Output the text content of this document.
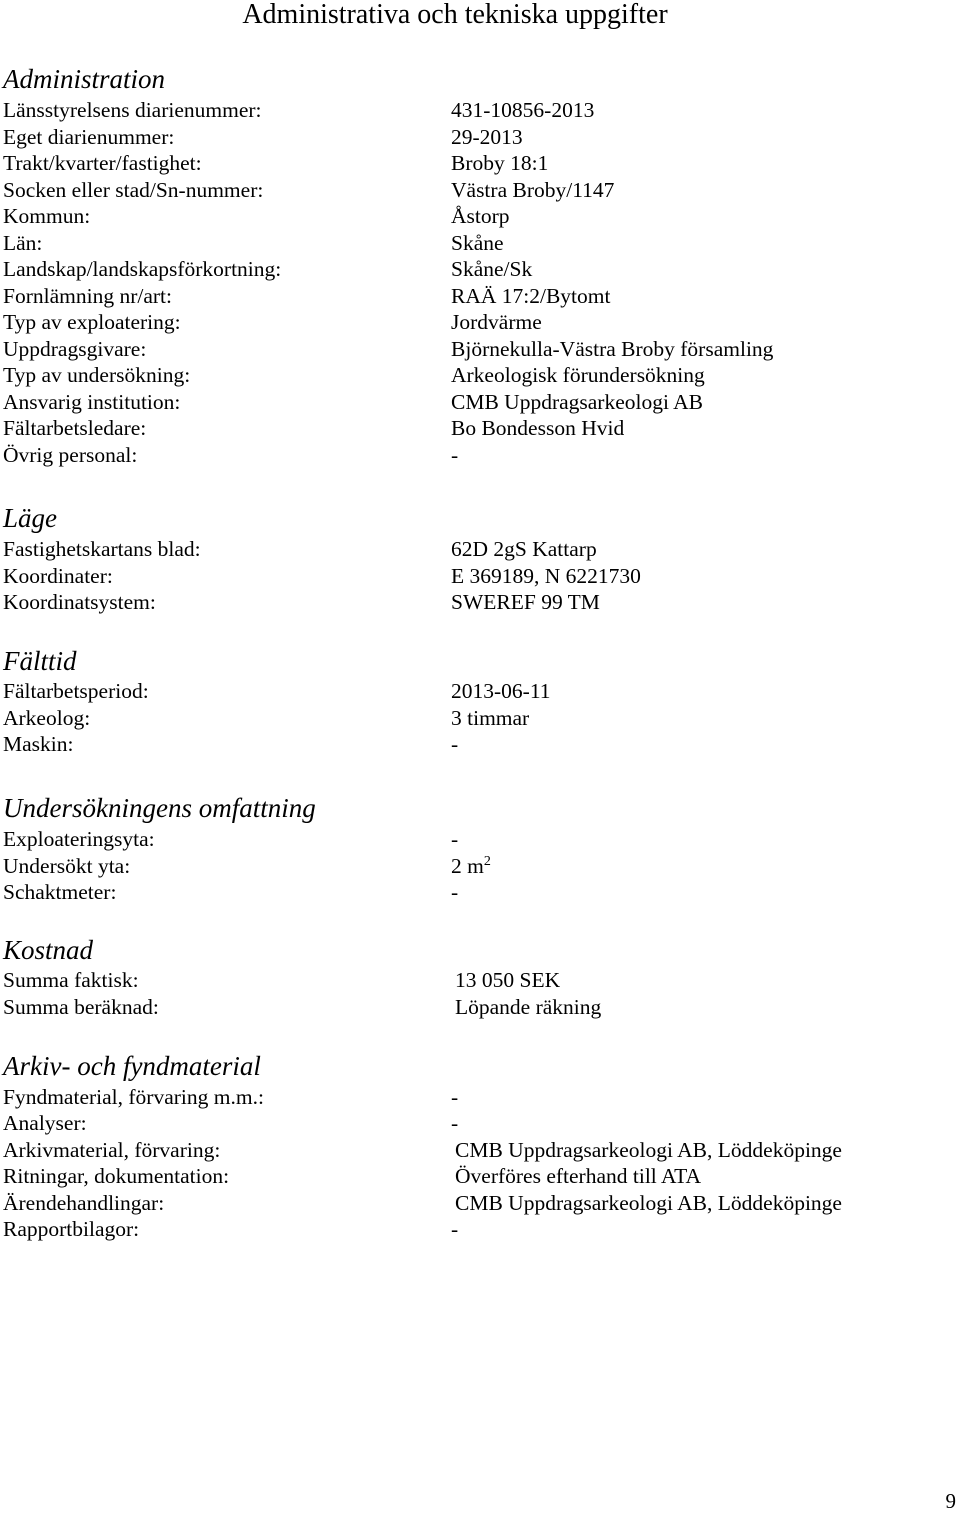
Administrativa och tekniska uppgifter
Administration
Länsstyrelsens diarienummer:	431-10856-2013
Eget diarienummer:	29-2013
Trakt/kvarter/fastighet:	Broby 18:1
Socken eller stad/Sn-nummer:	Västra Broby/1147
Kommun:	Åstorp
Län:	Skåne
Landskap/landskapsförkortning:	Skåne/Sk
Fornlämning nr/art:	RAÄ 17:2/Bytomt
Typ av exploatering:	Jordvärme
Uppdragsgivare:	Björnekulla-Västra Broby församling
Typ av undersökning:	Arkeologisk förundersökning
Ansvarig institution:	CMB Uppdragsarkeologi AB
Fältarbetsledare:	Bo Bondesson Hvid
Övrig personal:	-
Läge
Fastighetskartans blad:	62D 2gS Kattarp
Koordinater:	E 369189, N 6221730
Koordinatsystem:	SWEREF 99 TM
Fälttid
Fältarbetsperiod:	2013-06-11
Arkeolog:	3 timmar
Maskin:	-
Undersökningens omfattning
Exploateringsyta:	-
Undersökt yta:	2 $m^2$
Schaktmeter:	-
Kostnad
Summa faktisk:	13 050 SEK
Summa beräknad:	Löpande räkning
Arkiv- och fyndmaterial
Fyndmaterial, förvaring m.m.:	-
Analyser:	-
Arkivmaterial, förvaring:	CMB Uppdragsarkeologi AB, Löddeköpinge
Ritningar, dokumentation:	Överföres efterhand till ATA
Ärendehandlingar:	CMB Uppdragsarkeologi AB, Löddeköpinge
Rapportbilagor:	-
9
